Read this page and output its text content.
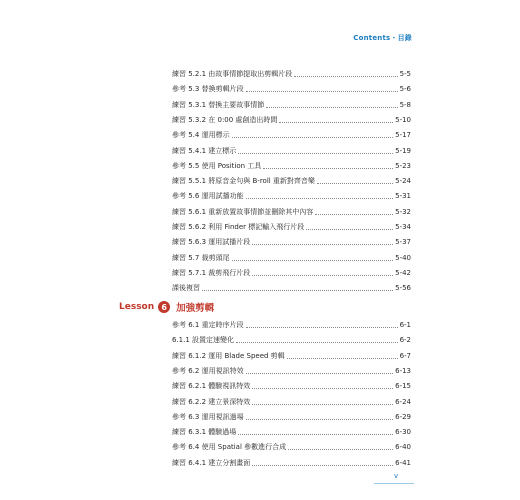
Contents・目錄
練習 5.2.1 由故事情節提取出剪輯片段	5-5
參考 5.3 替換剪輯片段	5-6
練習 5.3.1 替換主要故事情節	5-8
練習 5.3.2 在 0:00 處創造出時間	5-10
參考 5.4 運用標示	5-17
練習 5.4.1 建立標示	5-19
參考 5.5 使用 Position 工具	5-23
練習 5.5.1 將原音金句與 B-roll 重新對齊音樂	5-24
參考 5.6 運用試播功能	5-31
練習 5.6.1 重新放置故事情節並刪除其中內容	5-32
練習 5.6.2 利用 Finder 標記輸入飛行片段	5-34
練習 5.6.3 運用試播片段	5-37
練習 5.7 裁剪頭尾	5-40
練習 5.7.1 裁剪飛行片段	5-42
課後複習	5-56
Lesson 6 加強剪輯
參考 6.1 重定時序片段	6-1
6.1.1 設置定速變化	6-2
練習 6.1.2 運用 Blade Speed 剪輯	6-7
參考 6.2 運用視訊特效	6-13
練習 6.2.1 體驗視訊特效	6-15
練習 6.2.2 建立景深特效	6-24
參考 6.3 運用視訊過場	6-29
練習 6.3.1 體驗過場	6-30
參考 6.4 使用 Spatial 參數進行合成	6-40
練習 6.4.1 建立分割畫面	6-41
v
